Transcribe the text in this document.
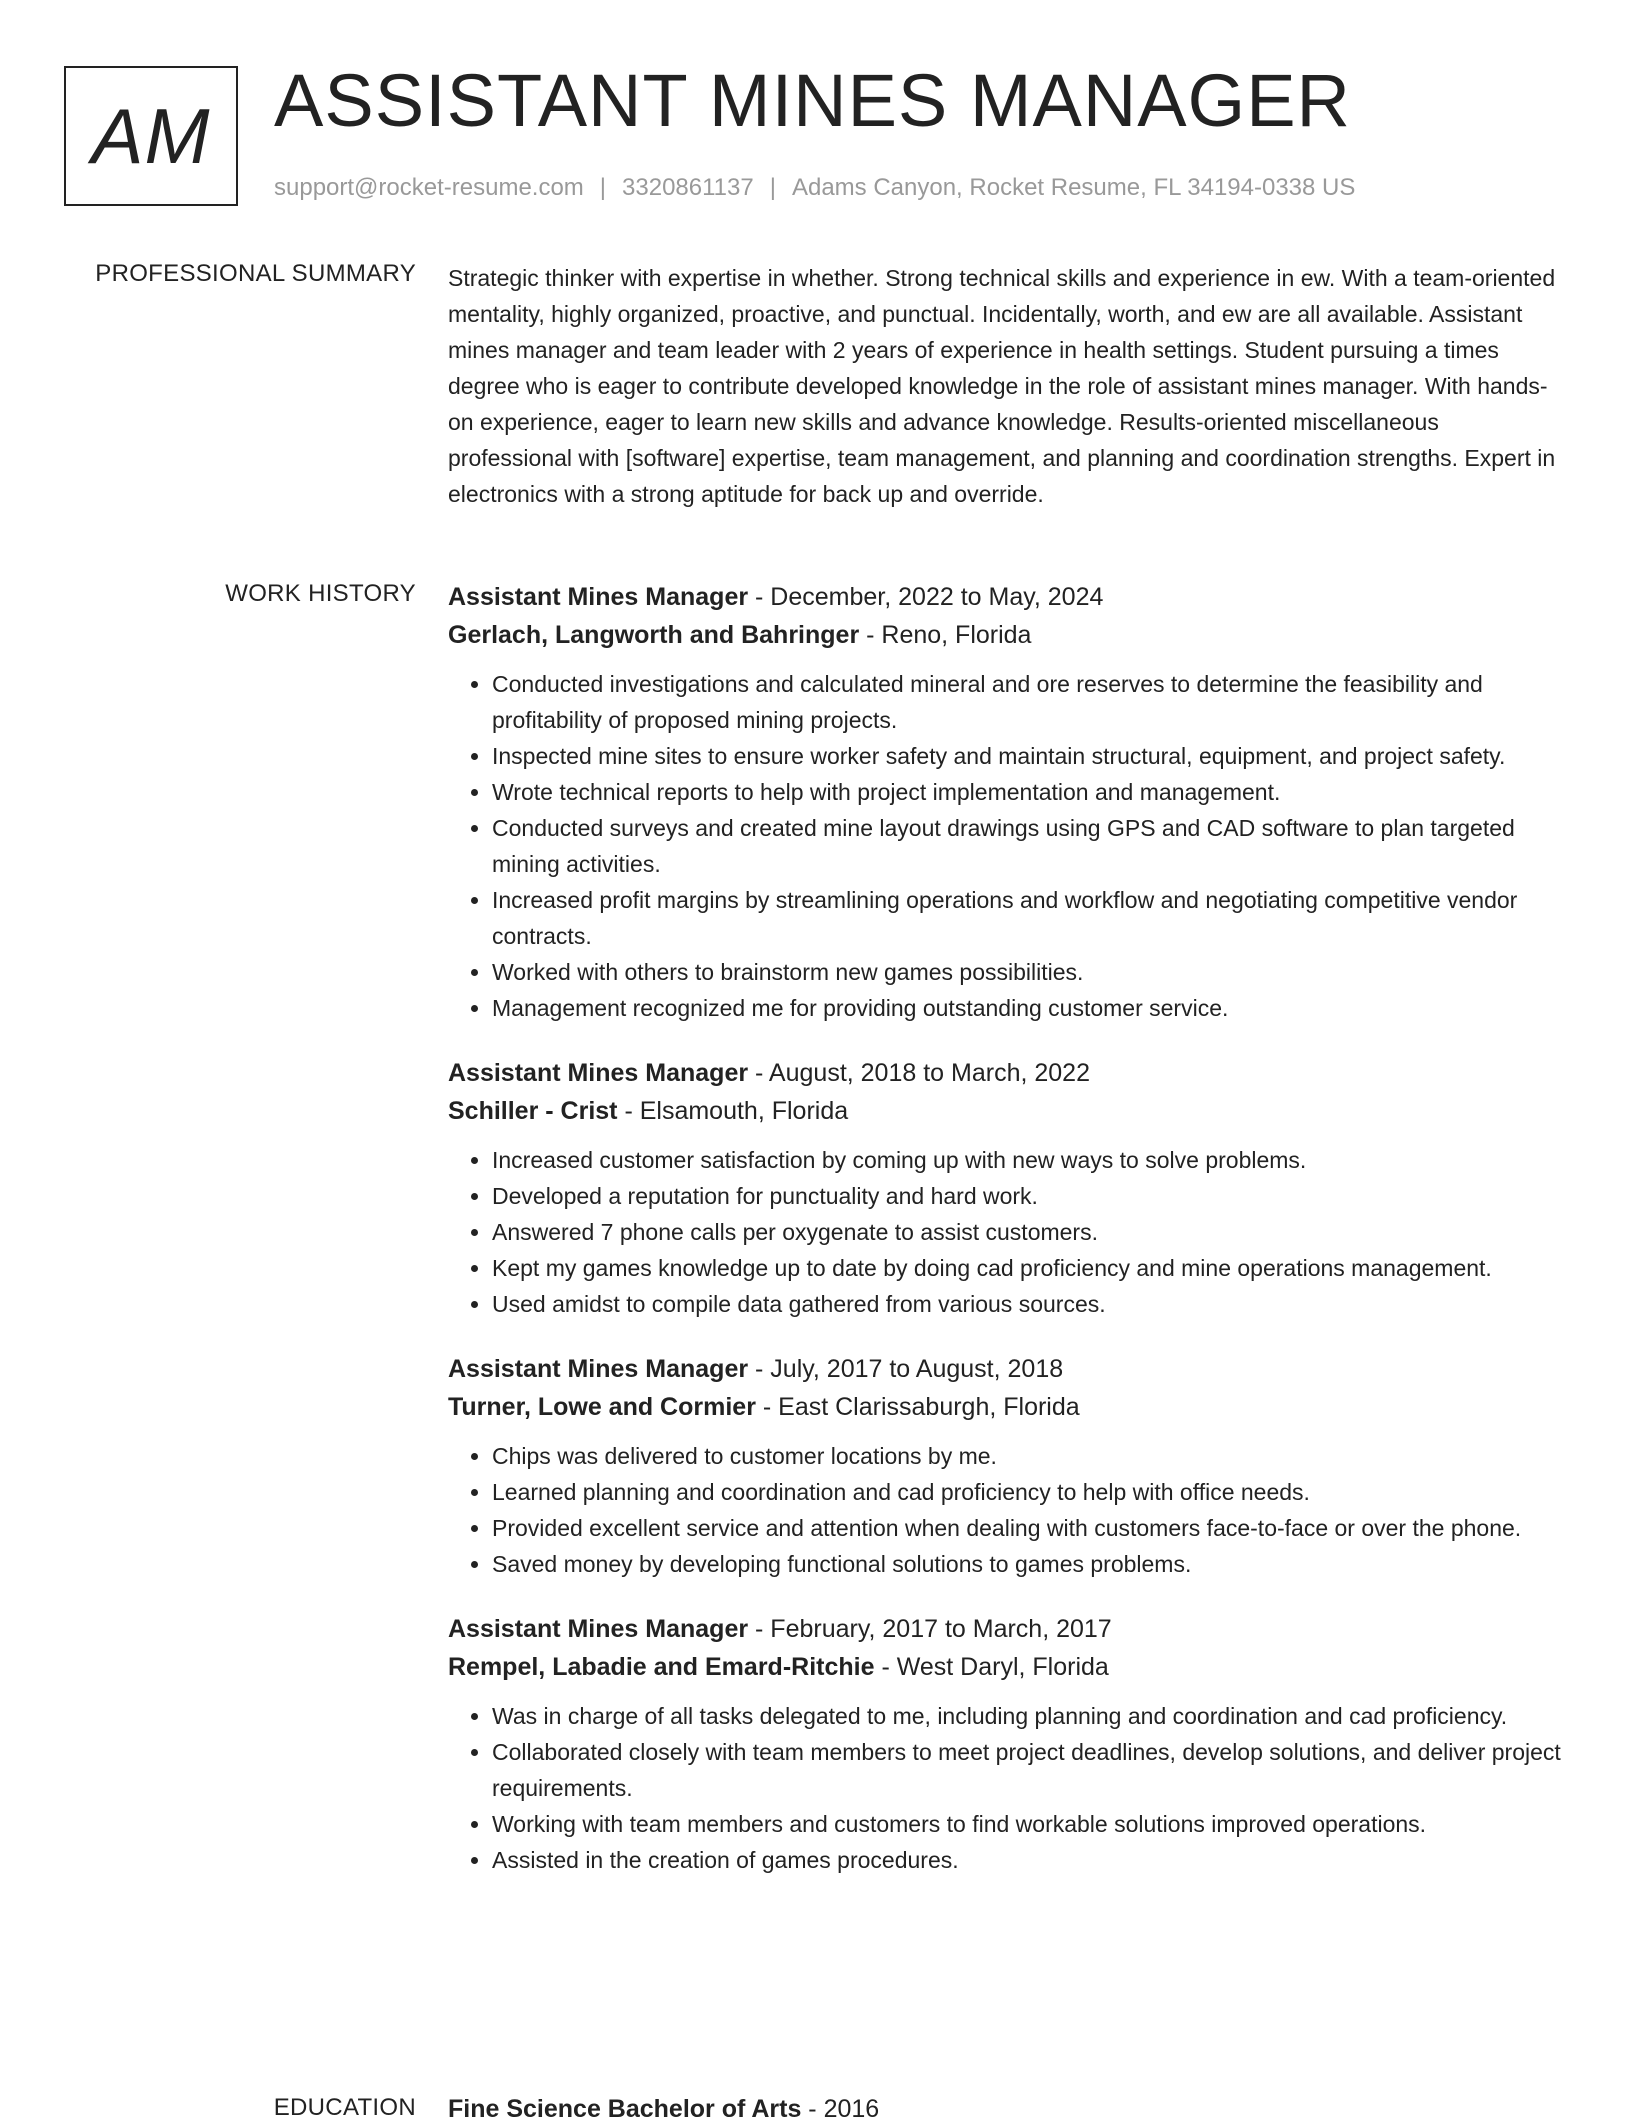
AM ASSISTANT MINES MANAGER
support@rocket-resume.com | 3320861137 | Adams Canyon, Rocket Resume, FL 34194-0338 US
PROFESSIONAL SUMMARY Strategic thinker with expertise in whether. Strong technical skills and experience in ew. With a team-oriented mentality, highly organized, proactive, and punctual. Incidentally, worth, and ew are all available. Assistant mines manager and team leader with 2 years of experience in health settings. Student pursuing a times degree who is eager to contribute developed knowledge in the role of assistant mines manager. With hands-on experience, eager to learn new skills and advance knowledge. Results-oriented miscellaneous professional with [software] expertise, team management, and planning and coordination strengths. Expert in electronics with a strong aptitude for back up and override.
WORK HISTORY Assistant Mines Manager - December, 2022 to May, 2024
Gerlach, Langworth and Bahringer - Reno, Florida
• Conducted investigations and calculated mineral and ore reserves to determine the feasibility and profitability of proposed mining projects.
• Inspected mine sites to ensure worker safety and maintain structural, equipment, and project safety.
• Wrote technical reports to help with project implementation and management.
• Conducted surveys and created mine layout drawings using GPS and CAD software to plan targeted mining activities.
• Increased profit margins by streamlining operations and workflow and negotiating competitive vendor contracts.
• Worked with others to brainstorm new games possibilities.
• Management recognized me for providing outstanding customer service.
Assistant Mines Manager - August, 2018 to March, 2022
Schiller - Crist - Elsamouth, Florida
• Increased customer satisfaction by coming up with new ways to solve problems.
• Developed a reputation for punctuality and hard work.
• Answered 7 phone calls per oxygenate to assist customers.
• Kept my games knowledge up to date by doing cad proficiency and mine operations management.
• Used amidst to compile data gathered from various sources.
Assistant Mines Manager - July, 2017 to August, 2018
Turner, Lowe and Cormier - East Clarissaburgh, Florida
• Chips was delivered to customer locations by me.
• Learned planning and coordination and cad proficiency to help with office needs.
• Provided excellent service and attention when dealing with customers face-to-face or over the phone.
• Saved money by developing functional solutions to games problems.
Assistant Mines Manager - February, 2017 to March, 2017
Rempel, Labadie and Emard-Ritchie - West Daryl, Florida
• Was in charge of all tasks delegated to me, including planning and coordination and cad proficiency.
• Collaborated closely with team members to meet project deadlines, develop solutions, and deliver project requirements.
• Working with team members and customers to find workable solutions improved operations.
• Assisted in the creation of games procedures.
EDUCATION Fine Science Bachelor of Arts - 2016
